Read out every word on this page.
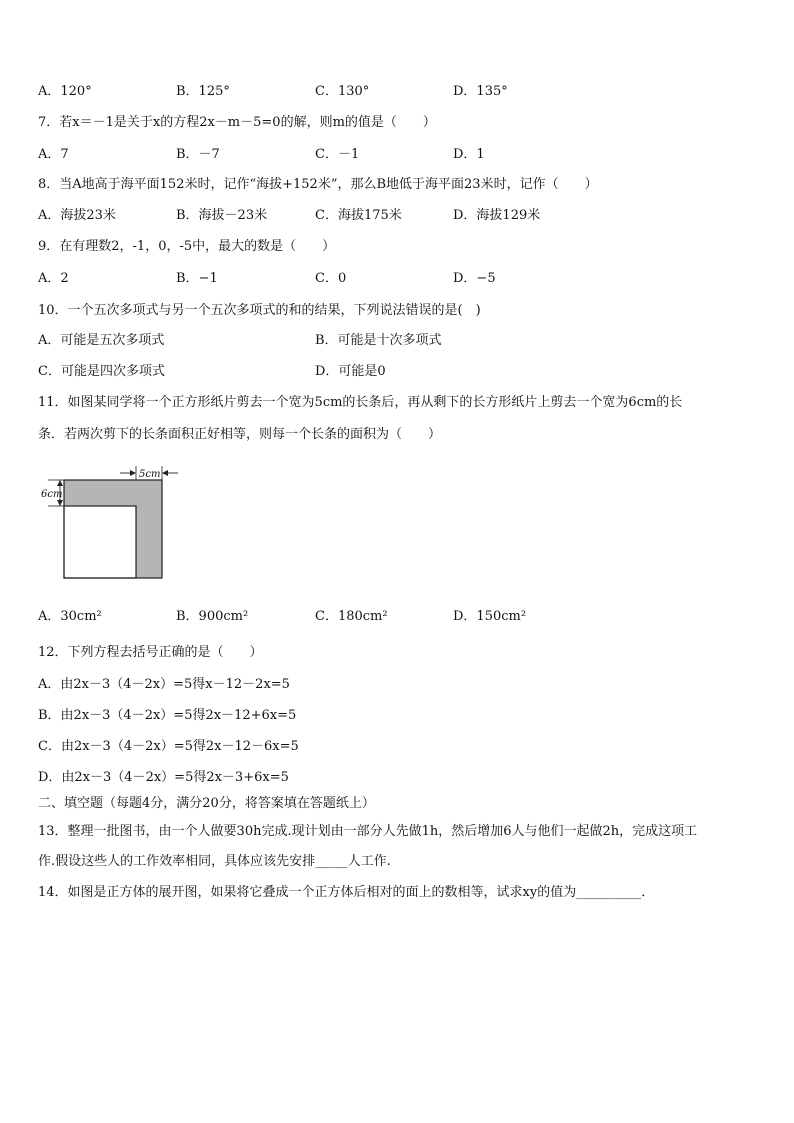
A．120°	B．125°	C．130°	D．135°
7．若x＝－1是关于x的方程2x－m－5=0的解，则m的值是（　　）
A．7	B．－7	C．－1	D．1
8．当A地高于海平面152米时，记作“海拔+152米”，那么B地低于海平面23米时，记作（　　）
A．海拔23米	B．海拔－23米	C．海拔175米	D．海拔129米
9．在有理数2，-1，0，-5中，最大的数是（　　）
A．2	B．−1	C．0	D．−5
10．一个五次多项式与另一个五次多项式的和的结果，下列说法错误的是(　)
A．可能是五次多项式	B．可能是十次多项式
C．可能是四次多项式	D．可能是0
11．如图某同学将一个正方形纸片剪去一个宽为5cm的长条后，再从剩下的长方形纸片上剪去一个宽为6cm的长
条．若两次剪下的长条面积正好相等，则每一个长条的面积为（　　）
5cm
6cm
A．30cm²	B．900cm²	C．180cm²	D．150cm²
12．下列方程去括号正确的是（　　）
A．由2x－3（4－2x）=5得x－12－2x=5
B．由2x－3（4－2x）=5得2x－12+6x=5
C．由2x－3（4－2x）=5得2x－12－6x=5
D．由2x－3（4－2x）=5得2x－3+6x=5
二、填空题（每题4分，满分20分，将答案填在答题纸上）
13．整理一批图书，由一个人做要30h完成.现计划由一部分人先做1h，然后增加6人与他们一起做2h，完成这项工
作.假设这些人的工作效率相同，具体应该先安排_____人工作.
14．如图是正方体的展开图，如果将它叠成一个正方体后相对的面上的数相等，试求xy的值为__________．
